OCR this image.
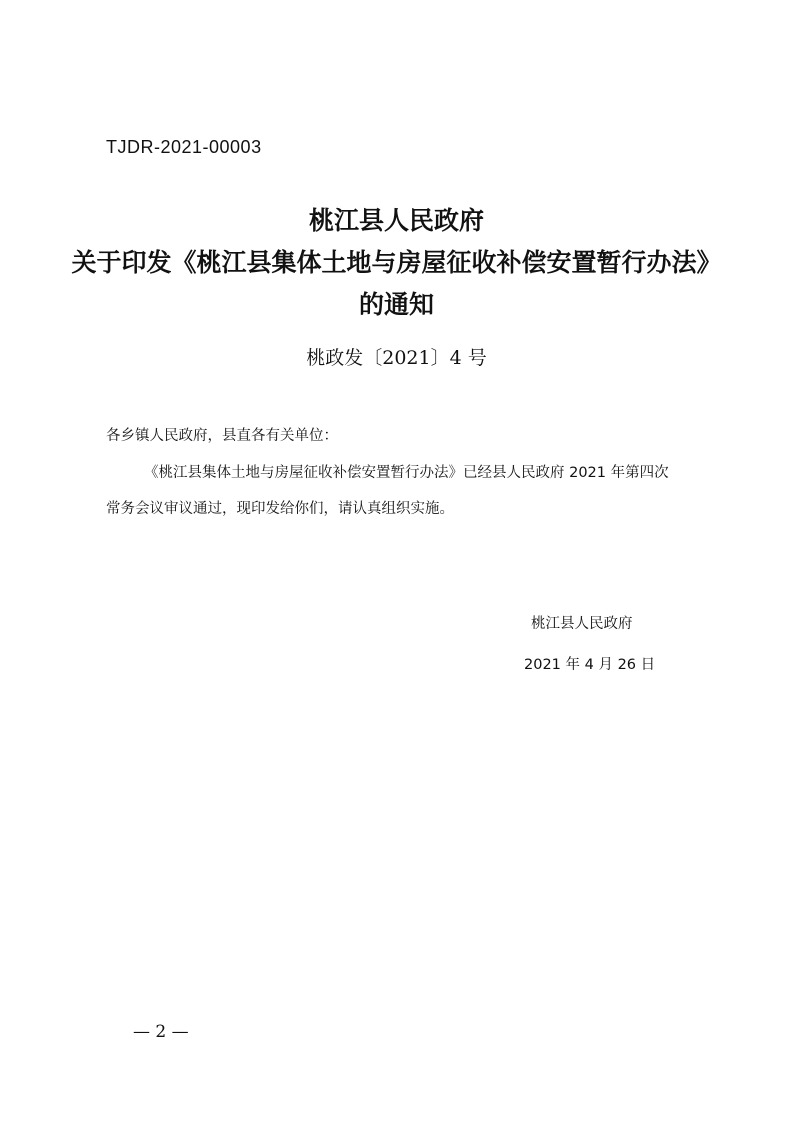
TJDR-2021-00003
桃江县人民政府
关于印发《桃江县集体土地与房屋征收补偿安置暂行办法》
的通知
桃政发〔2021〕4 号
各乡镇人民政府，县直各有关单位：
《桃江县集体土地与房屋征收补偿安置暂行办法》已经县人民政府 2021 年第四次
常务会议审议通过，现印发给你们，请认真组织实施。
桃江县人民政府
2021 年 4 月 26 日
— 2 —
